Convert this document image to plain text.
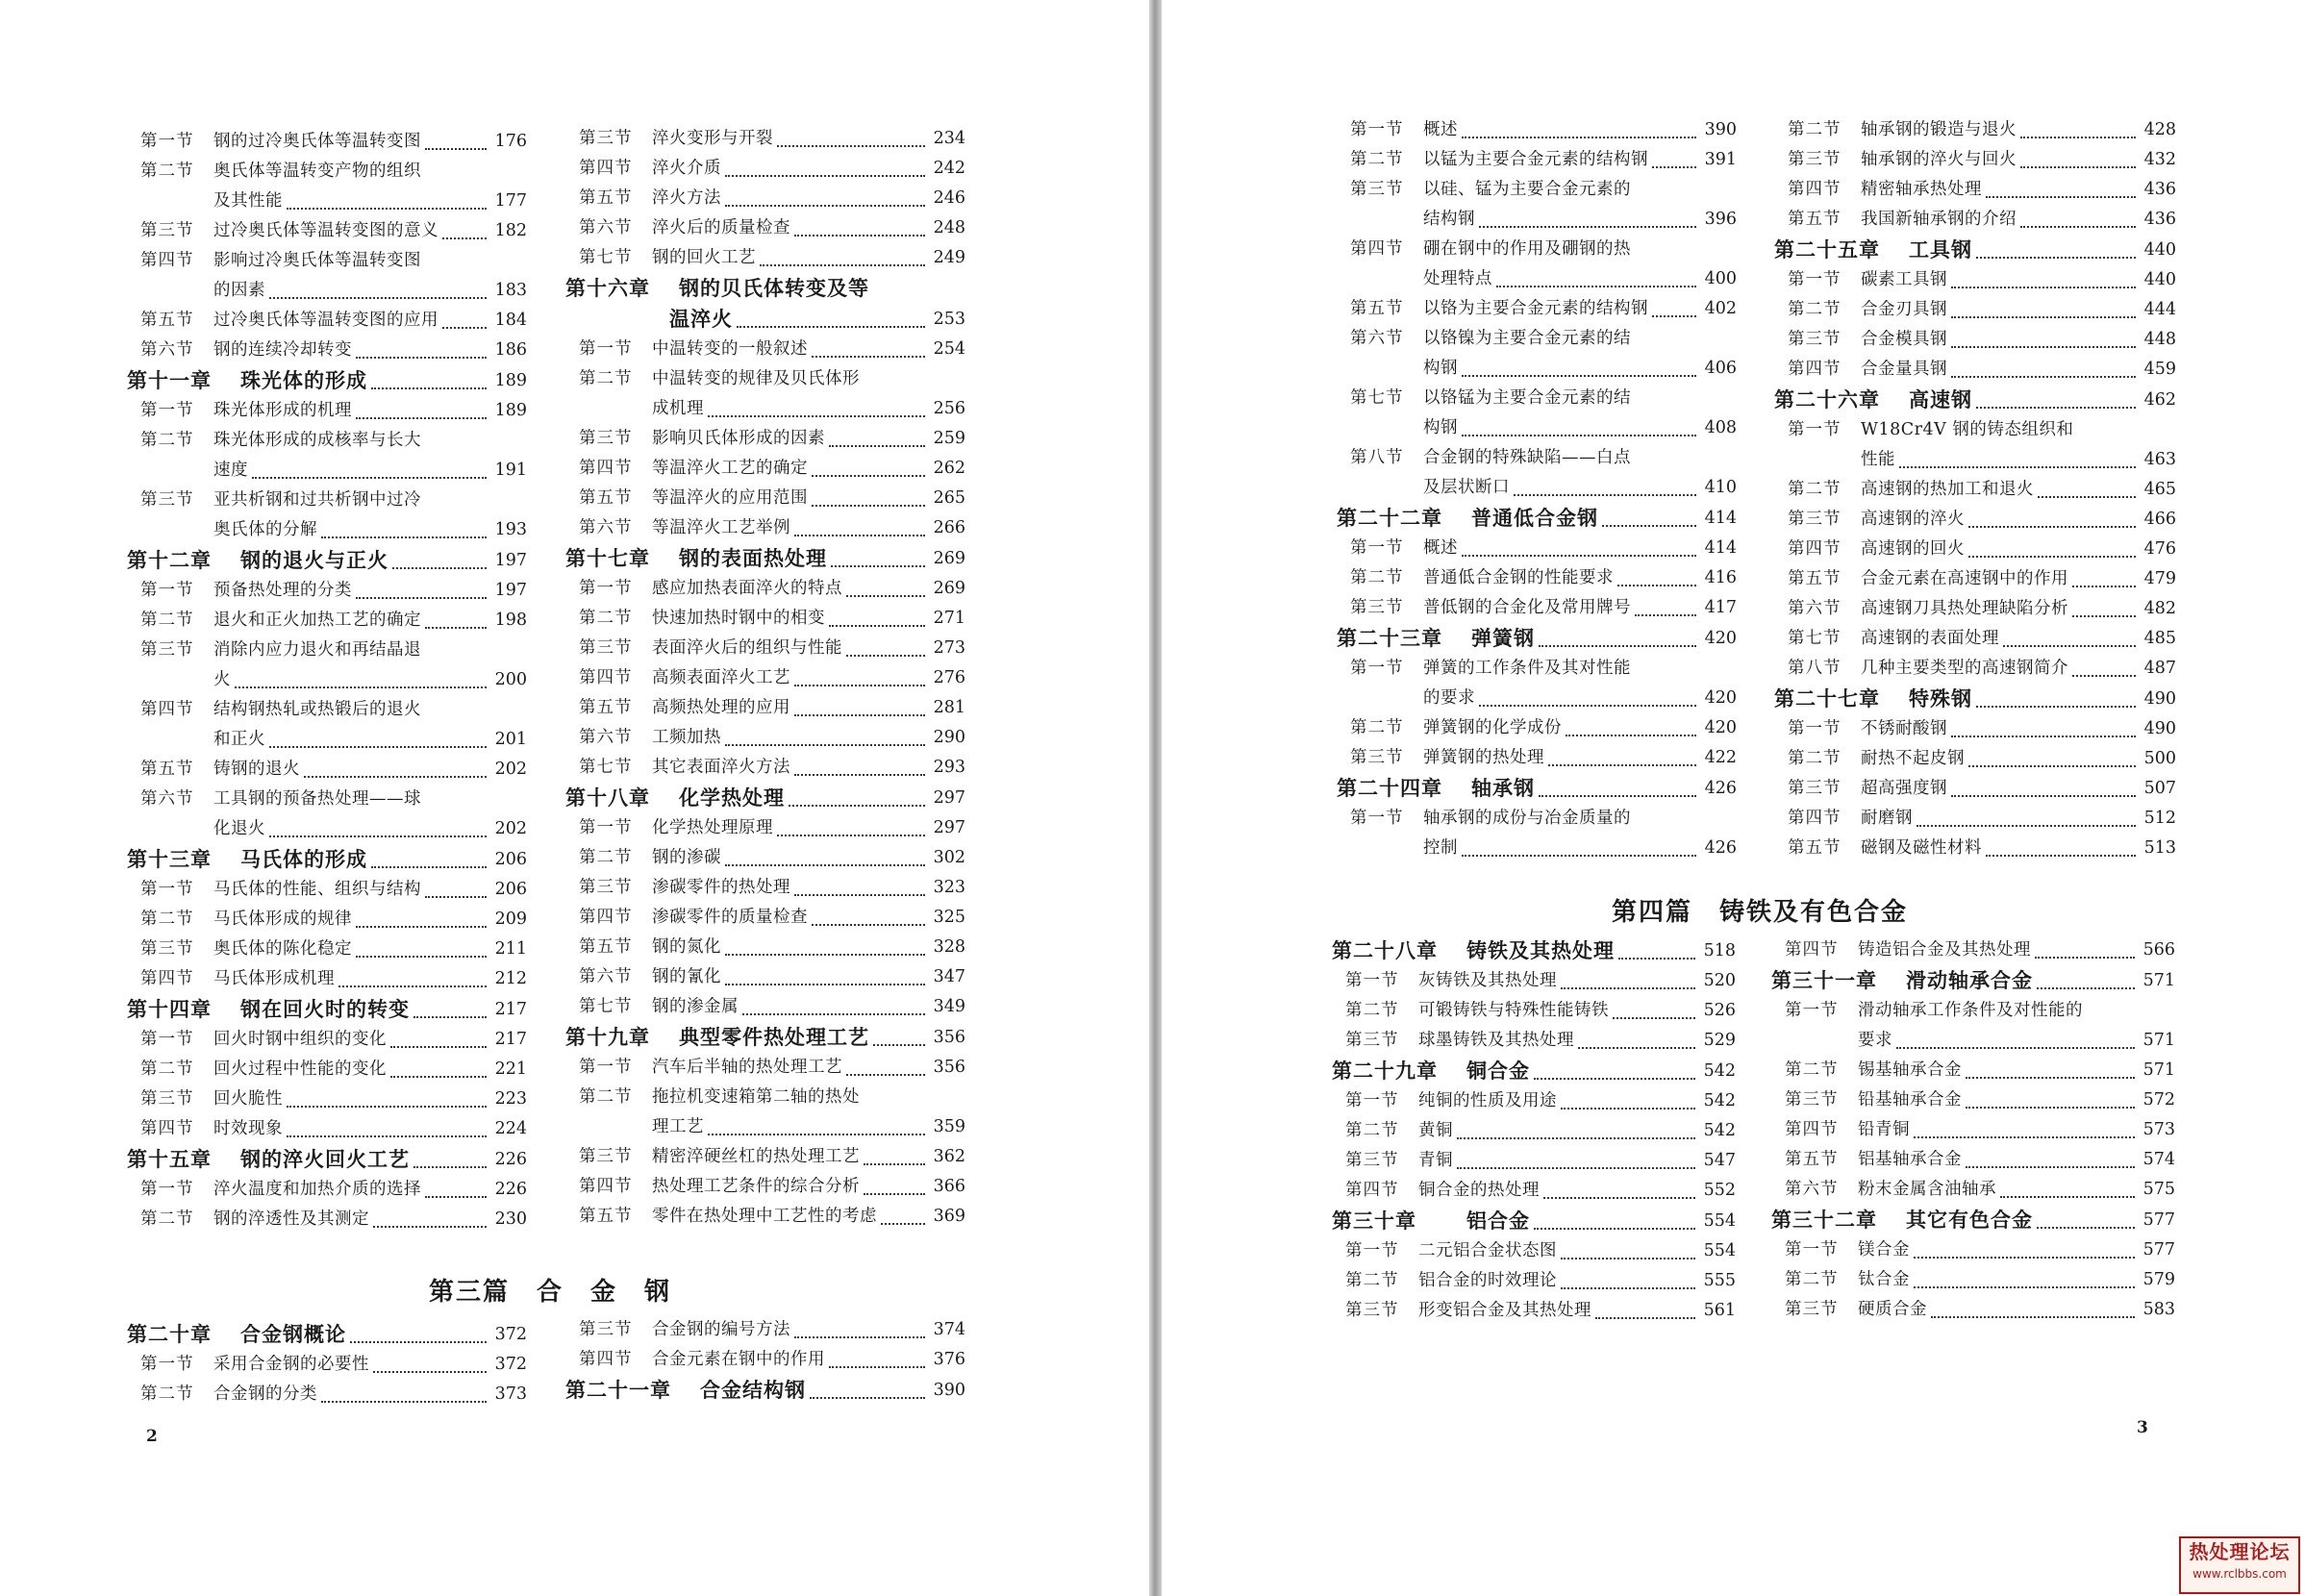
第一节	钢的过冷奥氏体等温转变图	176
第二节	奥氏体等温转变产物的组织
及其性能	177
第三节	过冷奥氏体等温转变图的意义	182
第四节	影响过冷奥氏体等温转变图
的因素	183
第五节	过冷奥氏体等温转变图的应用	184
第六节	钢的连续冷却转变	186
第十一章	珠光体的形成	189
第一节	珠光体形成的机理	189
第二节	珠光体形成的成核率与长大
速度	191
第三节	亚共析钢和过共析钢中过冷
奥氏体的分解	193
第十二章	钢的退火与正火	197
第一节	预备热处理的分类	197
第二节	退火和正火加热工艺的确定	198
第三节	消除内应力退火和再结晶退
火	200
第四节	结构钢热轧或热锻后的退火
和正火	201
第五节	铸钢的退火	202
第六节	工具钢的预备热处理——球
化退火	202
第十三章	马氏体的形成	206
第一节	马氏体的性能、组织与结构	206
第二节	马氏体形成的规律	209
第三节	奥氏体的陈化稳定	211
第四节	马氏体形成机理	212
第十四章	钢在回火时的转变	217
第一节	回火时钢中组织的变化	217
第二节	回火过程中性能的变化	221
第三节	回火脆性	223
第四节	时效现象	224
第十五章	钢的淬火回火工艺	226
第一节	淬火温度和加热介质的选择	226
第二节	钢的淬透性及其测定	230
第三节	淬火变形与开裂	234
第四节	淬火介质	242
第五节	淬火方法	246
第六节	淬火后的质量检查	248
第七节	钢的回火工艺	249
第十六章	钢的贝氏体转变及等
温淬火	253
第一节	中温转变的一般叙述	254
第二节	中温转变的规律及贝氏体形
成机理	256
第三节	影响贝氏体形成的因素	259
第四节	等温淬火工艺的确定	262
第五节	等温淬火的应用范围	265
第六节	等温淬火工艺举例	266
第十七章	钢的表面热处理	269
第一节	感应加热表面淬火的特点	269
第二节	快速加热时钢中的相变	271
第三节	表面淬火后的组织与性能	273
第四节	高频表面淬火工艺	276
第五节	高频热处理的应用	281
第六节	工频加热	290
第七节	其它表面淬火方法	293
第十八章	化学热处理	297
第一节	化学热处理原理	297
第二节	钢的渗碳	302
第三节	渗碳零件的热处理	323
第四节	渗碳零件的质量检查	325
第五节	钢的氮化	328
第六节	钢的氰化	347
第七节	钢的渗金属	349
第十九章	典型零件热处理工艺	356
第一节	汽车后半轴的热处理工艺	356
第二节	拖拉机变速箱第二轴的热处
理工艺	359
第三节	精密淬硬丝杠的热处理工艺	362
第四节	热处理工艺条件的综合分析	366
第五节	零件在热处理中工艺性的考虑	369
第三篇　合　金　钢
第二十章	合金钢概论	372
第一节	采用合金钢的必要性	372
第二节	合金钢的分类	373
第三节	合金钢的编号方法	374
第四节	合金元素在钢中的作用	376
第二十一章	合金结构钢	390
2
第一节	概述	390
第二节	以锰为主要合金元素的结构钢	391
第三节	以硅、锰为主要合金元素的
结构钢	396
第四节	硼在钢中的作用及硼钢的热
处理特点	400
第五节	以铬为主要合金元素的结构钢	402
第六节	以铬镍为主要合金元素的结
构钢	406
第七节	以铬锰为主要合金元素的结
构钢	408
第八节	合金钢的特殊缺陷——白点
及层状断口	410
第二十二章	普通低合金钢	414
第一节	概述	414
第二节	普通低合金钢的性能要求	416
第三节	普低钢的合金化及常用牌号	417
第二十三章	弹簧钢	420
第一节	弹簧的工作条件及其对性能
的要求	420
第二节	弹簧钢的化学成份	420
第三节	弹簧钢的热处理	422
第二十四章	轴承钢	426
第一节	轴承钢的成份与冶金质量的
控制	426
第二节	轴承钢的锻造与退火	428
第三节	轴承钢的淬火与回火	432
第四节	精密轴承热处理	436
第五节	我国新轴承钢的介绍	436
第二十五章	工具钢	440
第一节	碳素工具钢	440
第二节	合金刃具钢	444
第三节	合金模具钢	448
第四节	合金量具钢	459
第二十六章	高速钢	462
第一节	W18Cr4V 钢的铸态组织和
性能	463
第二节	高速钢的热加工和退火	465
第三节	高速钢的淬火	466
第四节	高速钢的回火	476
第五节	合金元素在高速钢中的作用	479
第六节	高速钢刀具热处理缺陷分析	482
第七节	高速钢的表面处理	485
第八节	几种主要类型的高速钢简介	487
第二十七章	特殊钢	490
第一节	不锈耐酸钢	490
第二节	耐热不起皮钢	500
第三节	超高强度钢	507
第四节	耐磨钢	512
第五节	磁钢及磁性材料	513
第四篇　铸铁及有色合金
第二十八章	铸铁及其热处理	518
第一节	灰铸铁及其热处理	520
第二节	可锻铸铁与特殊性能铸铁	526
第三节	球墨铸铁及其热处理	529
第二十九章	铜合金	542
第一节	纯铜的性质及用途	542
第二节	黄铜	542
第三节	青铜	547
第四节	铜合金的热处理	552
第三十章	铝合金	554
第一节	二元铝合金状态图	554
第二节	铝合金的时效理论	555
第三节	形变铝合金及其热处理	561
第四节	铸造铝合金及其热处理	566
第三十一章	滑动轴承合金	571
第一节	滑动轴承工作条件及对性能的
要求	571
第二节	锡基轴承合金	571
第三节	铅基轴承合金	572
第四节	铅青铜	573
第五节	铝基轴承合金	574
第六节	粉末金属含油轴承	575
第三十二章	其它有色合金	577
第一节	镁合金	577
第二节	钛合金	579
第三节	硬质合金	583
3
热处理论坛
www.rclbbs.com
